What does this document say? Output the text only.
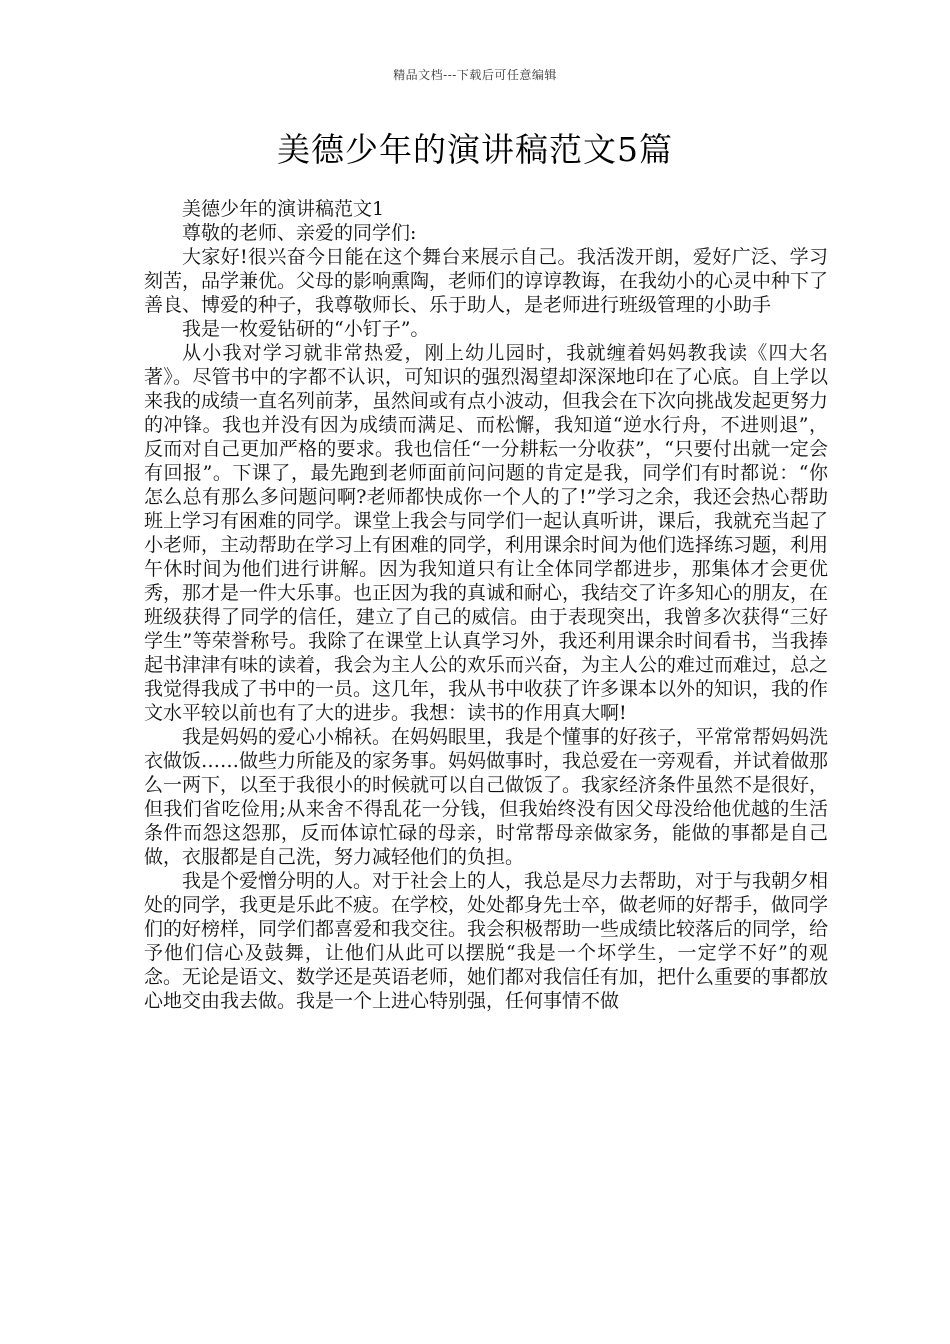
精品文档---下载后可任意编辑
美德少年的演讲稿范文5篇

美德少年的演讲稿范文1

尊敬的老师、亲爱的同学们:

大家好!很兴奋今日能在这个舞台来展示自己。我活泼开朗，爱好广泛、学习刻苦，品学兼优。父母的影响熏陶，老师们的谆谆教诲，在我幼小的心灵中种下了善良、博爱的种子，我尊敬师长、乐于助人，是老师进行班级管理的小助手

我是一枚爱钻研的“小钉子”。

从小我对学习就非常热爱，刚上幼儿园时，我就缠着妈妈教我读《四大名著》。尽管书中的字都不认识，可知识的强烈渴望却深深地印在了心底。自上学以来我的成绩一直名列前茅，虽然间或有点小波动，但我会在下次向挑战发起更努力的冲锋。我也并没有因为成绩而满足、而松懈，我知道“逆水行舟，不进则退”，反而对自己更加严格的要求。我也信任“一分耕耘一分收获”，“只要付出就一定会有回报”。下课了，最先跑到老师面前问问题的肯定是我，同学们有时都说：“你怎么总有那么多问题问啊?老师都快成你一个人的了!”学习之余，我还会热心帮助班上学习有困难的同学。课堂上我会与同学们一起认真听讲，课后，我就充当起了小老师，主动帮助在学习上有困难的同学，利用课余时间为他们选择练习题，利用午休时间为他们进行讲解。因为我知道只有让全体同学都进步，那集体才会更优秀，那才是一件大乐事。也正因为我的真诚和耐心，我结交了许多知心的朋友，在班级获得了同学的信任，建立了自己的威信。由于表现突出，我曾多次获得“三好学生”等荣誉称号。我除了在课堂上认真学习外，我还利用课余时间看书，当我捧起书津津有味的读着，我会为主人公的欢乐而兴奋，为主人公的难过而难过，总之我觉得我成了书中的一员。这几年，我从书中收获了许多课本以外的知识，我的作文水平较以前也有了大的进步。我想：读书的作用真大啊!

我是妈妈的爱心小棉袄。在妈妈眼里，我是个懂事的好孩子，平常常帮妈妈洗衣做饭……做些力所能及的家务事。妈妈做事时，我总爱在一旁观看，并试着做那么一两下，以至于我很小的时候就可以自己做饭了。我家经济条件虽然不是很好，但我们省吃俭用;从来舍不得乱花一分钱，但我始终没有因父母没给他优越的生活条件而怨这怨那，反而体谅忙碌的母亲，时常帮母亲做家务，能做的事都是自己做，衣服都是自己洗，努力减轻他们的负担。

我是个爱憎分明的人。对于社会上的人，我总是尽力去帮助，对于与我朝夕相处的同学，我更是乐此不疲。在学校，处处都身先士卒，做老师的好帮手，做同学们的好榜样，同学们都喜爱和我交往。我会积极帮助一些成绩比较落后的同学，给予他们信心及鼓舞，让他们从此可以摆脱“我是一个坏学生，一定学不好”的观念。无论是语文、数学还是英语老师，她们都对我信任有加，把什么重要的事都放心地交由我去做。我是一个上进心特别强，任何事情不做
